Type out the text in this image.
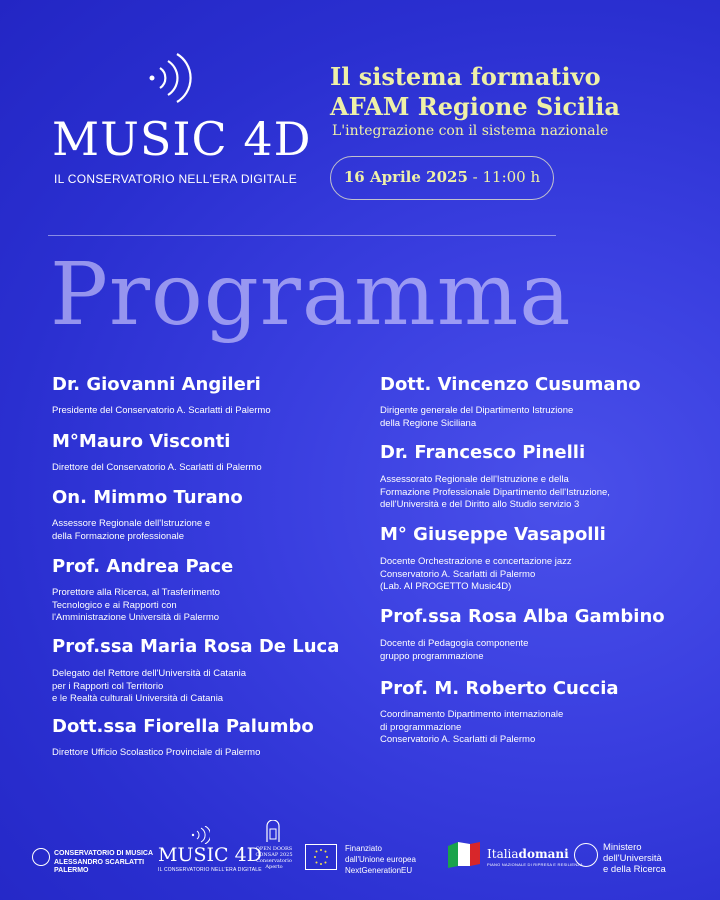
MUSIC 4D
IL CONSERVATORIO NELL'ERA DIGITALE
Il sistema formativo
AFAM Regione Sicilia
L'integrazione con il sistema nazionale
16 Aprile 2025 - 11:00 h
Programma
Dr. Giovanni Angileri
Presidente del Conservatorio A. Scarlatti di Palermo
M°Mauro Visconti
Direttore del Conservatorio A. Scarlatti di Palermo
On. Mimmo Turano
Assessore Regionale dell'Istruzione e
della Formazione professionale
Prof. Andrea Pace
Prorettore alla Ricerca, al Trasferimento
Tecnologico e ai Rapporti con
l'Amministrazione Università di Palermo
Prof.ssa Maria Rosa De Luca
Delegato del Rettore dell'Università di Catania
per i Rapporti col Territorio
e le Realtà culturali Università di Catania
Dott.ssa Fiorella Palumbo
Direttore Ufficio Scolastico Provinciale di Palermo
Dott. Vincenzo Cusumano
Dirigente generale del Dipartimento Istruzione
della Regione Siciliana
Dr. Francesco Pinelli
Assessorato Regionale dell'Istruzione e della
Formazione Professionale Dipartimento dell'Istruzione,
dell'Università e del Diritto allo Studio servizio 3
M° Giuseppe Vasapolli
Docente Orchestrazione e concertazione jazz
Conservatorio A. Scarlatti di Palermo
(Lab. AI PROGETTO Music4D)
Prof.ssa Rosa Alba Gambino
Docente di Pedagogia componente
gruppo programmazione
Prof. M. Roberto Cuccia
Coordinamento Dipartimento internazionale
di programmazione
Conservatorio A. Scarlatti di Palermo
CONSERVATORIO DI MUSICA
ALESSANDRO SCARLATTI
PALERMO
MUSIC 4D
IL CONSERVATORIO NELL'ERA DIGITALE
OPEN DOORS
CONSAP 2025
Conservatorio Aperto
Finanziato
dall'Unione europea
NextGenerationEU
Italiadomani
PIANO NAZIONALE DI RIPRESA E RESILIENZA
Ministero
dell'Università
e della Ricerca
